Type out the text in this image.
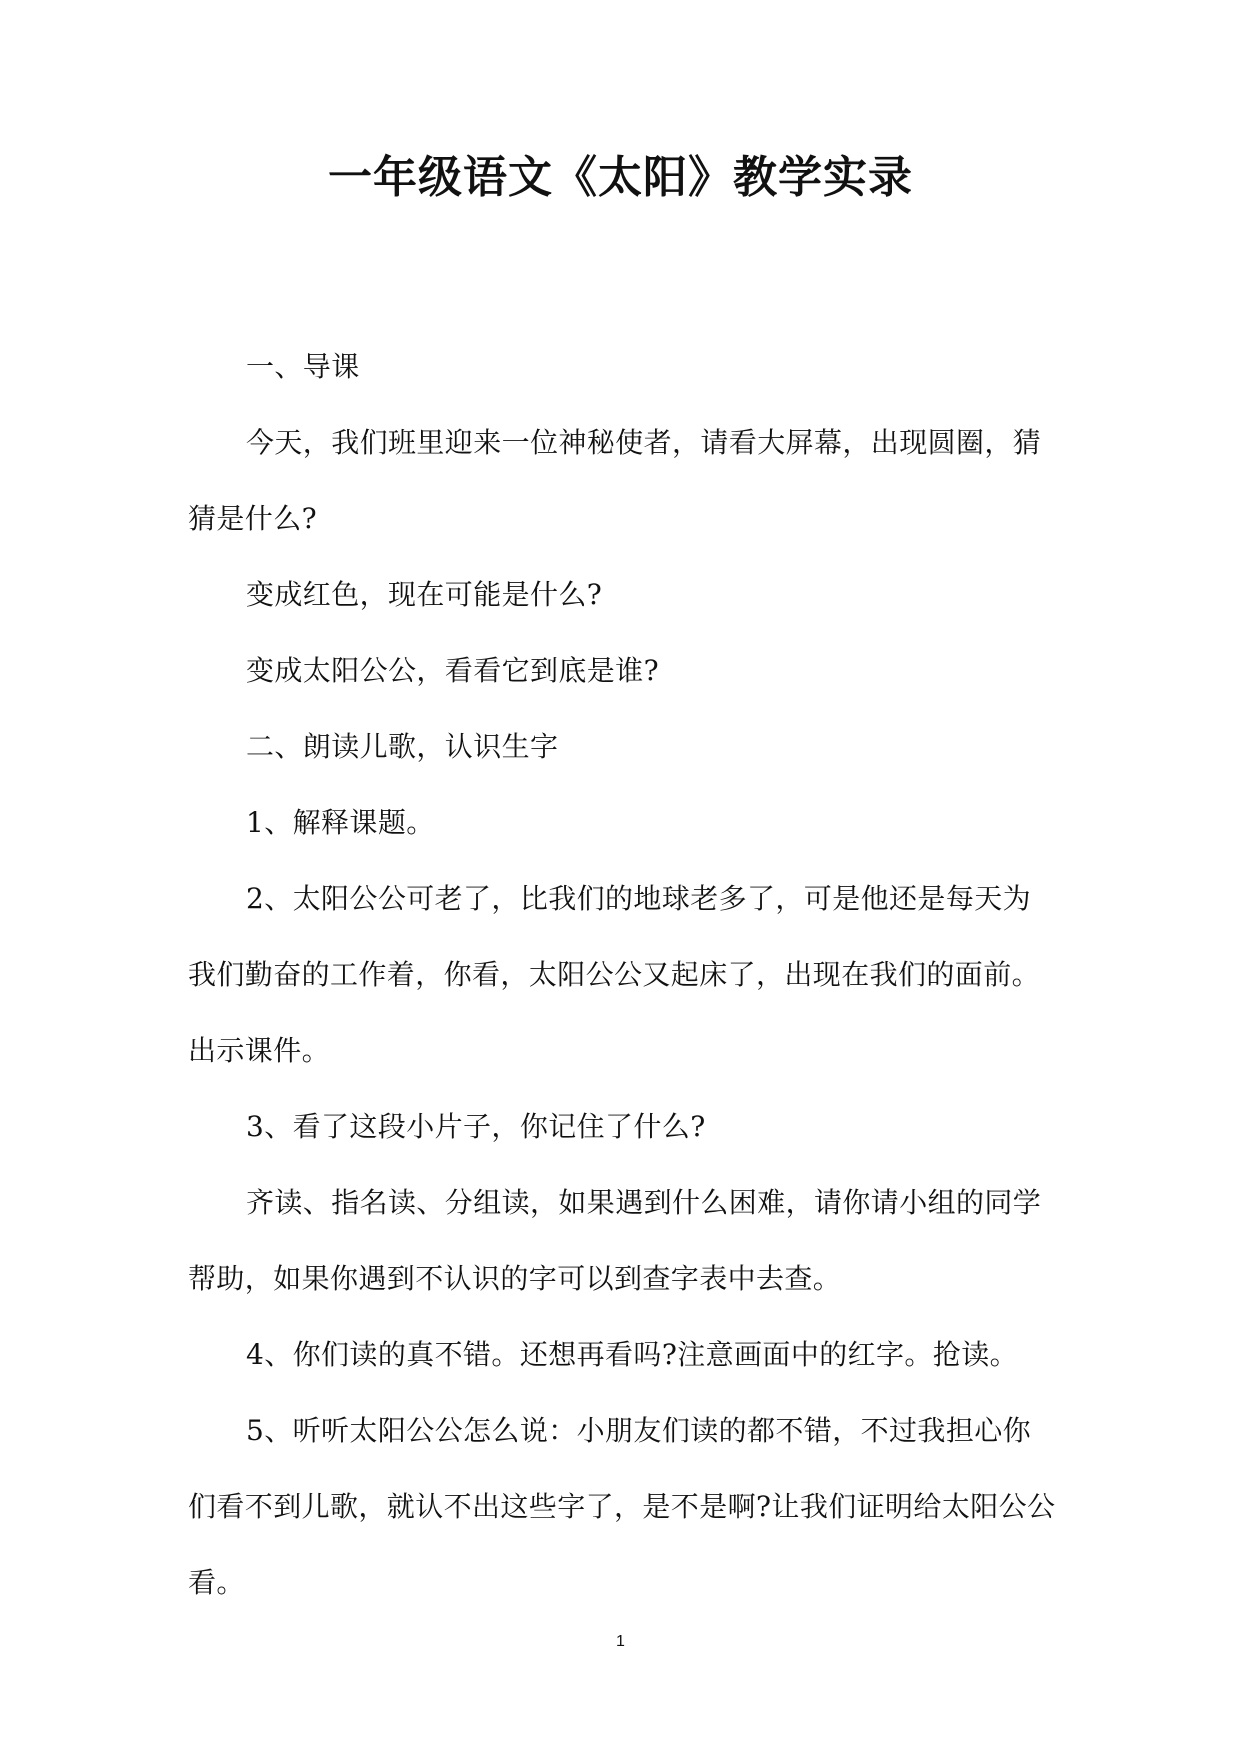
一年级语文《太阳》教学实录
一、导课
今天，我们班里迎来一位神秘使者，请看大屏幕，出现圆圈，猜猜是什么?
变成红色，现在可能是什么?
变成太阳公公，看看它到底是谁?
二、朗读儿歌，认识生字
1、解释课题。
2、太阳公公可老了，比我们的地球老多了，可是他还是每天为我们勤奋的工作着，你看，太阳公公又起床了，出现在我们的面前。出示课件。
3、看了这段小片子，你记住了什么?
齐读、指名读、分组读，如果遇到什么困难，请你请小组的同学帮助，如果你遇到不认识的字可以到查字表中去查。
4、你们读的真不错。还想再看吗?注意画面中的红字。抢读。
5、听听太阳公公怎么说：小朋友们读的都不错，不过我担心你们看不到儿歌，就认不出这些字了，是不是啊?让我们证明给太阳公公看。
1
